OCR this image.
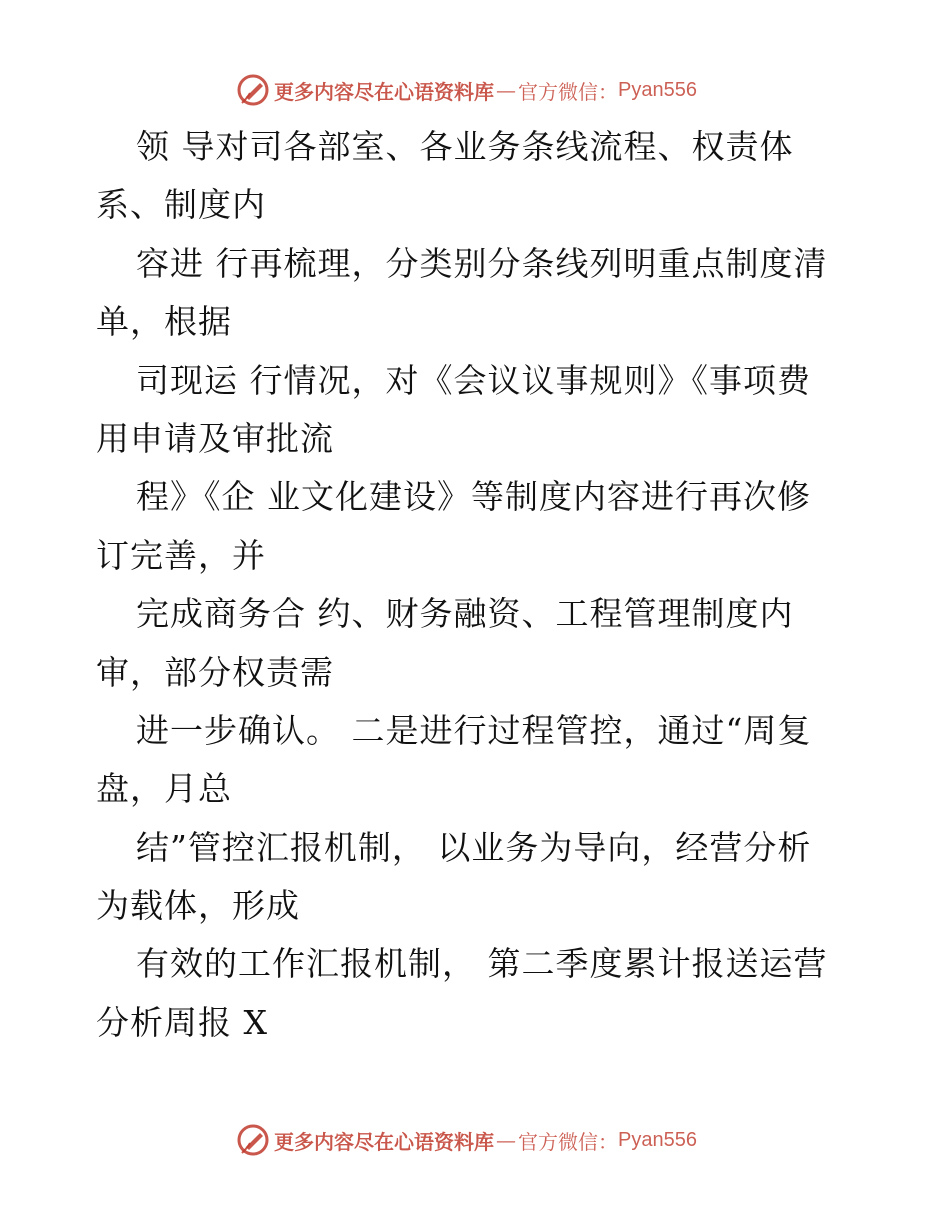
更多内容尽在心语资料库 — 官方微信： Pyan556
领 导对司各部室、各业务条线流程、权责体
系、制度内
容进 行再梳理，分类别分条线列明重点制度清
单，根据
司现运 行情况，对《会议议事规则》《事项费
用申请及审批流
程》《企 业文化建设》等制度内容进行再次修
订完善，并
完成商务合 约、财务融资、工程管理制度内
审，部分权责需
进一步确认。 二是进行过程管控，通过“周复
盘，月总
结”管控汇报机制， 以业务为导向，经营分析
为载体，形成
有效的工作汇报机制， 第二季度累计报送运营
分析周报 X
更多内容尽在心语资料库 — 官方微信： Pyan556
